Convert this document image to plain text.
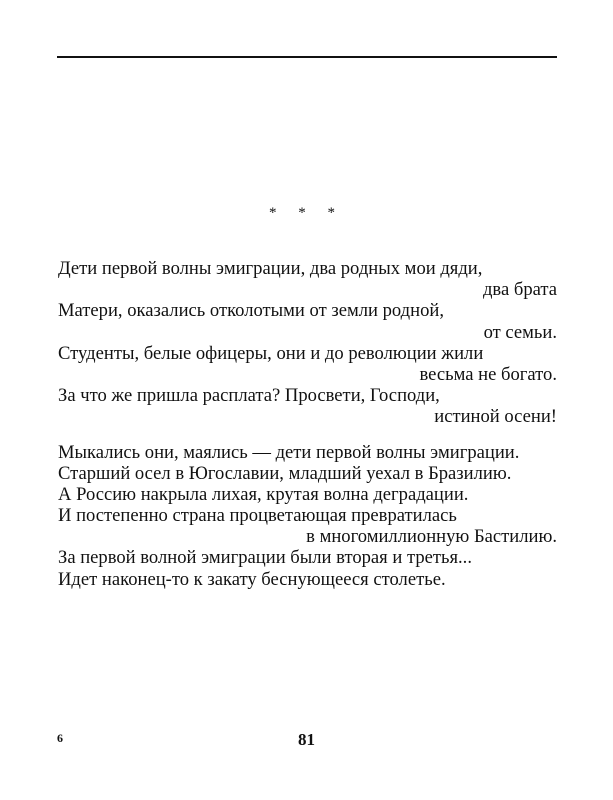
* * *
Дети первой волны эмиграции, два родных мои дяди,
два брата
Матери, оказались отколотыми от земли родной,
от семьи.
Студенты, белые офицеры, они и до революции жили
весьма не богато.
За что же пришла расплата? Просвети, Господи,
истиной осени!
Мыкались они, маялись — дети первой волны эмиграции.
Старший осел в Югославии, младший уехал в Бразилию.
А Россию накрыла лихая, крутая волна деградации.
И постепенно страна процветающая превратилась
в многомиллионную Бастилию.
За первой волной эмиграции были вторая и третья...
Идет наконец-то к закату беснующееся столетье.
6	81
